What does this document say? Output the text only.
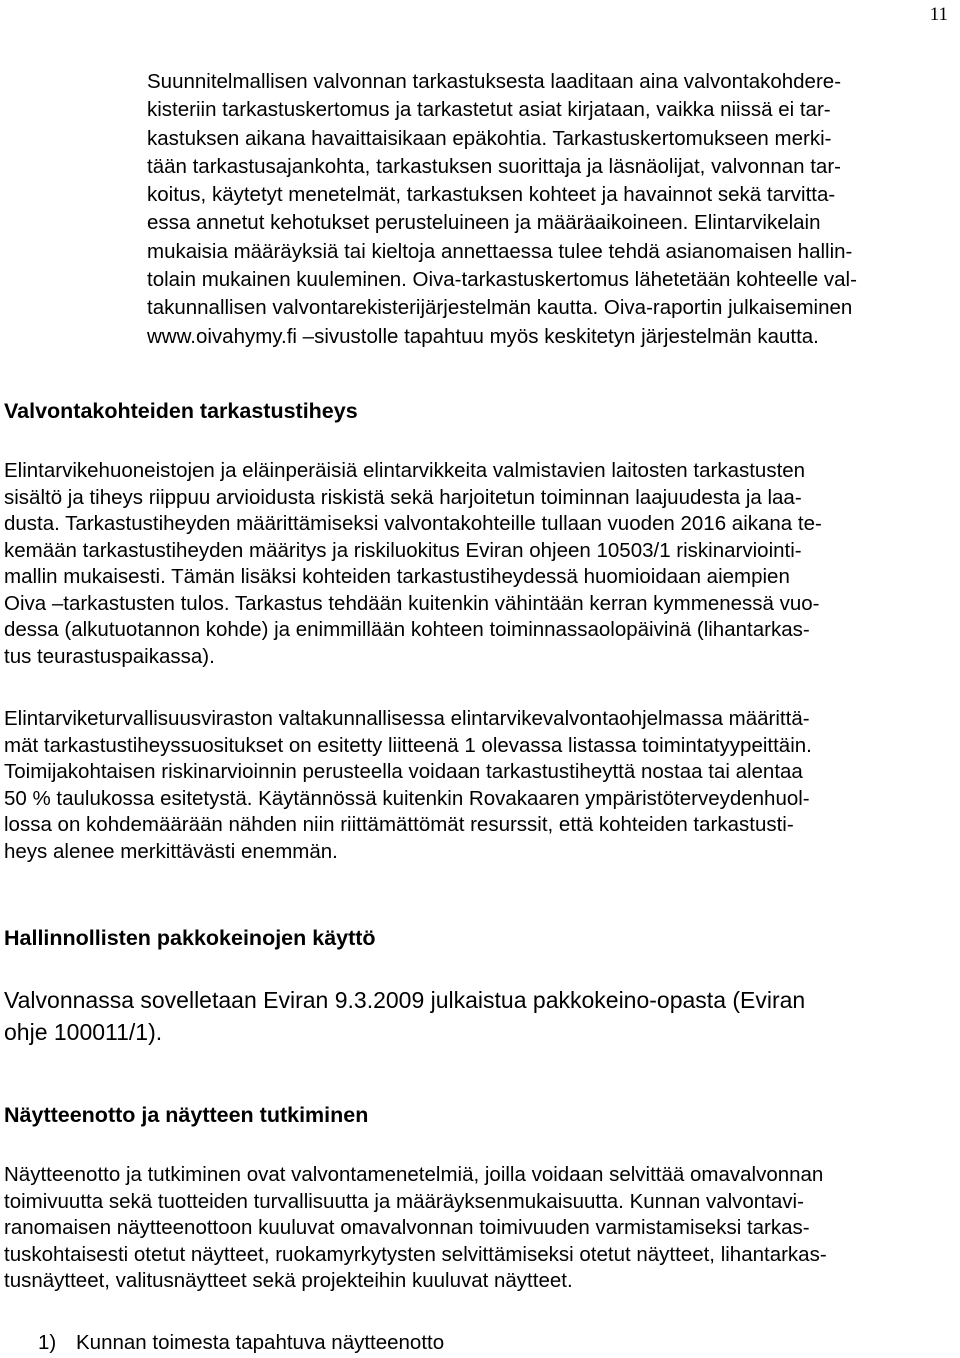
11
Suunnitelmallisen valvonnan tarkastuksesta laaditaan aina valvontakohdere-
kisteriin tarkastuskertomus ja tarkastetut asiat kirjataan, vaikka niissä ei tar-
kastuksen aikana havaittaisikaan epäkohtia. Tarkastuskertomukseen merki-
tään tarkastusajankohta, tarkastuksen suorittaja ja läsnäolijat, valvonnan tar-
koitus, käytetyt menetelmät, tarkastuksen kohteet ja havainnot sekä tarvitta-
essa annetut kehotukset perusteluineen ja määräaikoineen. Elintarvikelain
mukaisia määräyksiä tai kieltoja annettaessa tulee tehdä asianomaisen hallin-
tolain mukainen kuuleminen. Oiva-tarkastuskertomus lähetetään kohteelle val-
takunnallisen valvontarekisterijärjestelmän kautta. Oiva-raportin julkaiseminen
www.oivahymy.fi –sivustolle tapahtuu myös keskitetyn järjestelmän kautta.
Valvontakohteiden tarkastustiheys
Elintarvikehuoneistojen ja eläinperäisiä elintarvikkeita valmistavien laitosten tarkastusten
sisältö ja tiheys riippuu arvioidusta riskistä sekä harjoitetun toiminnan laajuudesta ja laa-
dusta. Tarkastustiheyden määrittämiseksi valvontakohteille tullaan vuoden 2016 aikana te-
kemään tarkastustiheyden määritys ja riskiluokitus Eviran ohjeen 10503/1 riskinarviointi-
mallin mukaisesti. Tämän lisäksi kohteiden tarkastustiheydessä huomioidaan aiempien
Oiva –tarkastusten tulos. Tarkastus tehdään kuitenkin vähintään kerran kymmenessä vuo-
dessa (alkutuotannon kohde) ja enimmillään kohteen toiminnassaolopäivinä (lihantarkas-
tus teurastuspaikassa).
Elintarviketurvallisuusviraston valtakunnallisessa elintarvikevalvontaohjelmassa määrittä-
mät tarkastustiheyssuositukset on esitetty liitteenä 1 olevassa listassa toimintatyypeittäin.
Toimijakohtaisen riskinarvioinnin perusteella voidaan tarkastustiheyttä nostaa tai alentaa
50 % taulukossa esitetystä. Käytännössä kuitenkin Rovakaaren ympäristöterveydenhuol-
lossa on kohdemäärään nähden niin riittämättömät resurssit, että kohteiden tarkastusti-
heys alenee merkittävästi enemmän.
Hallinnollisten pakkokeinojen käyttö
Valvonnassa sovelletaan Eviran 9.3.2009 julkaistua pakkokeino-opasta (Eviran
ohje 100011/1).
Näytteenotto ja näytteen tutkiminen
Näytteenotto ja tutkiminen ovat valvontamenetelmiä, joilla voidaan selvittää omavalvonnan
toimivuutta sekä tuotteiden turvallisuutta ja määräyksenmukaisuutta. Kunnan valvontavi-
ranomaisen näytteenottoon kuuluvat omavalvonnan toimivuuden varmistamiseksi tarkas-
tuskohtaisesti otetut näytteet, ruokamyrkytysten selvittämiseksi otetut näytteet, lihantarkas-
tusnäytteet, valitusnäytteet sekä projekteihin kuuluvat näytteet.
1) Kunnan toimesta tapahtuva näytteenotto
